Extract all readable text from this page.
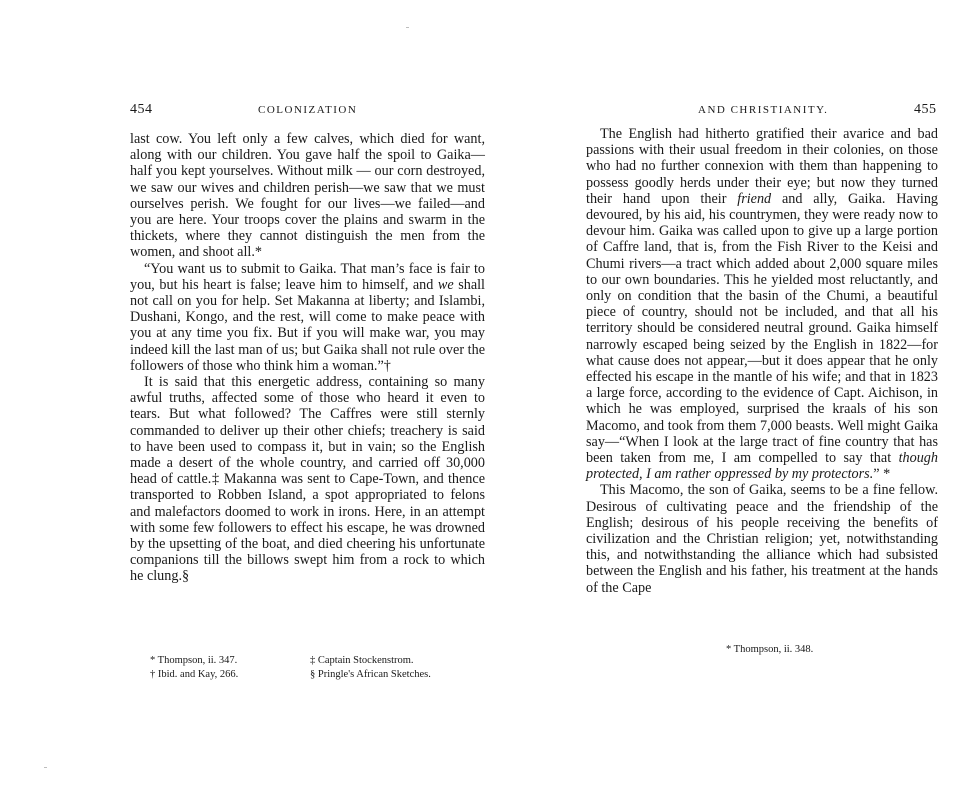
454	COLONIZATION

last cow. You left only a few calves, which died for want, along with our children. You gave half the spoil to Gaika—half you kept yourselves. Without milk — our corn destroyed, we saw our wives and children perish—we saw that we must ourselves perish. We fought for our lives—we failed—and you are here. Your troops cover the plains and swarm in the thickets, where they cannot distinguish the men from the women, and shoot all.*

“You want us to submit to Gaika. That man’s face is fair to you, but his heart is false; leave him to himself, and we shall not call on you for help. Set Makanna at liberty; and Islambi, Dushani, Kongo, and the rest, will come to make peace with you at any time you fix. But if you will make war, you may indeed kill the last man of us; but Gaika shall not rule over the followers of those who think him a woman.”†

It is said that this energetic address, containing so many awful truths, affected some of those who heard it even to tears. But what followed? The Caffres were still sternly commanded to deliver up their other chiefs; treachery is said to have been used to compass it, but in vain; so the English made a desert of the whole country, and carried off 30,000 head of cattle.‡ Makanna was sent to Cape-Town, and thence transported to Robben Island, a spot appropriated to felons and malefactors doomed to work in irons. Here, in an attempt with some few followers to effect his escape, he was drowned by the upsetting of the boat, and died cheering his unfortunate companions till the billows swept him from a rock to which he clung.§

* Thompson, ii. 347.	‡ Captain Stockenstrom.
† Ibid. and Kay, 266.	§ Pringle's African Sketches.
AND CHRISTIANITY.	455

The English had hitherto gratified their avarice and bad passions with their usual freedom in their colonies, on those who had no further connexion with them than happening to possess goodly herds under their eye; but now they turned their hand upon their friend and ally, Gaika. Having devoured, by his aid, his countrymen, they were ready now to devour him. Gaika was called upon to give up a large portion of Caffre land, that is, from the Fish River to the Keisi and Chumi rivers—a tract which added about 2,000 square miles to our own boundaries. This he yielded most reluctantly, and only on condition that the basin of the Chumi, a beautiful piece of country, should not be included, and that all his territory should be considered neutral ground. Gaika himself narrowly escaped being seized by the English in 1822—for what cause does not appear,—but it does appear that he only effected his escape in the mantle of his wife; and that in 1823 a large force, according to the evidence of Capt. Aichison, in which he was employed, surprised the kraals of his son Macomo, and took from them 7,000 beasts. Well might Gaika say—“When I look at the large tract of fine country that has been taken from me, I am compelled to say that though protected, I am rather oppressed by my protectors.” *

This Macomo, the son of Gaika, seems to be a fine fellow. Desirous of cultivating peace and the friendship of the English; desirous of his people receiving the benefits of civilization and the Christian religion; yet, notwithstanding this, and notwithstanding the alliance which had subsisted between the English and his father, his treatment at the hands of the Cape

* Thompson, ii. 348.
